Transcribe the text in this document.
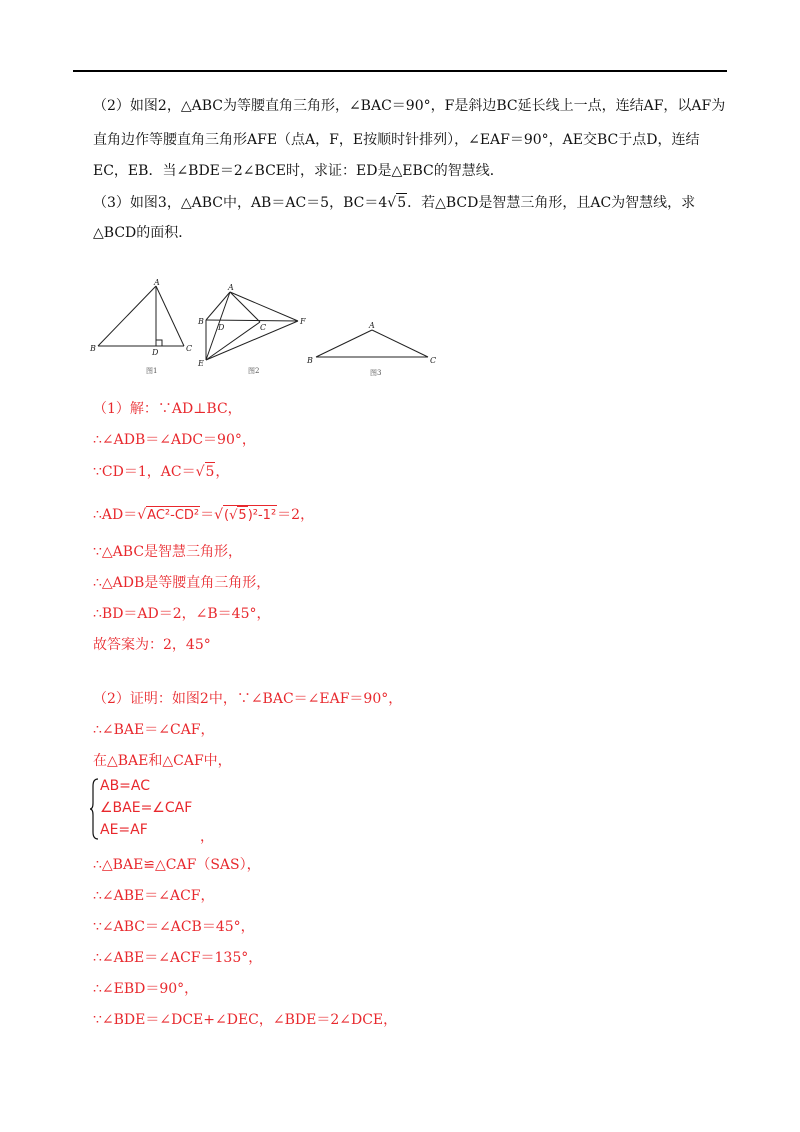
（2）如图2，△ABC为等腰直角三角形，∠BAC＝90°，F是斜边BC延长线上一点，连结AF，以AF为
直角边作等腰直角三角形AFE（点A，F，E按顺时针排列），∠EAF＝90°，AE交BC于点D，连结
EC，EB．当∠BDE＝2∠BCE时，求证：ED是△EBC的智慧线．
（3）如图3，△ABC中，AB＝AC＝5，BC＝4√5．若△BCD是智慧三角形，且AC为智慧线，求
△BCD的面积．
A
B	C
D
图1
A
B
C
D
E
F
图2
A
B	C
图3
（1）解：∵AD⊥BC，
∴∠ADB＝∠ADC＝90°，
∵CD＝1，AC＝√5，
∴AD＝√AC²-CD²＝√(√5)²-1²＝2，
∵△ABC是智慧三角形，
∴△ADB是等腰直角三角形，
∴BD＝AD＝2，∠B＝45°，
故答案为：2，45°
（2）证明：如图2中，∵∠BAC＝∠EAF＝90°，
∴∠BAE＝∠CAF，
在△BAE和△CAF中，
AB=AC
∠BAE=∠CAF
AE=AF	，
∴△BAE≌△CAF（SAS），
∴∠ABE＝∠ACF，
∵∠ABC＝∠ACB＝45°，
∴∠ABE＝∠ACF＝135°，
∴∠EBD＝90°，
∵∠BDE＝∠DCE+∠DEC，∠BDE＝2∠DCE，
